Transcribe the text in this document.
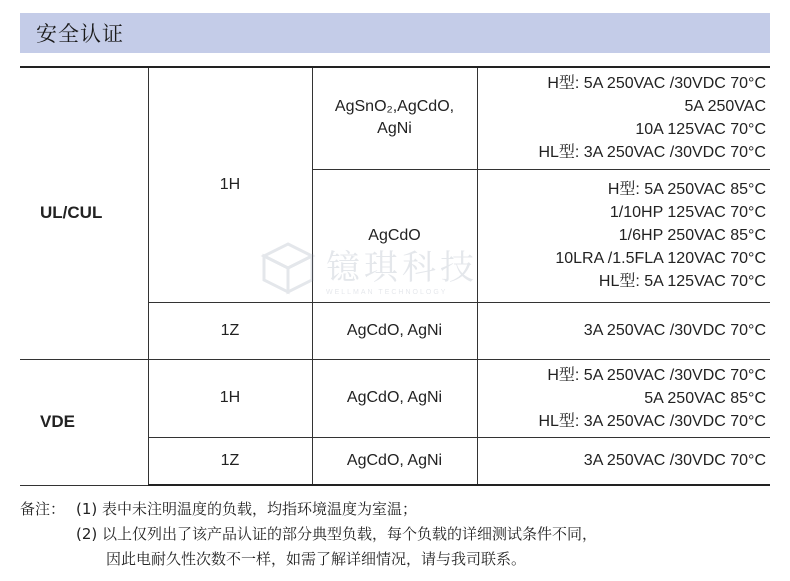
安全认证
UL/CUL	1H	AgSnO₂,AgCdO,
AgNi	H型: 5A 250VAC /30VDC 70°C
5A 250VAC
10A 125VAC 70°C
HL型: 3A 250VAC /30VDC 70°C

		AgCdO	H型: 5A 250VAC 85°C
1/10HP 125VAC 70°C
1/6HP 250VAC 85°C
10LRA /1.5FLA 120VAC 70°C
HL型: 5A 125VAC 70°C

	1Z	AgCdO, AgNi	3A 250VAC /30VDC 70°C

VDE	1H	AgCdO, AgNi	H型: 5A 250VAC /30VDC 70°C
5A 250VAC 85°C
HL型: 3A 250VAC /30VDC 70°C

	1Z	AgCdO, AgNi	3A 250VAC /30VDC 70°C
镱琪科技
WELLMAN TECHNOLOGY
备注： (1) 表中未注明温度的负载，均指环境温度为室温；
(2) 以上仅列出了该产品认证的部分典型负载，每个负载的详细测试条件不同，
因此电耐久性次数不一样，如需了解详细情况，请与我司联系。
